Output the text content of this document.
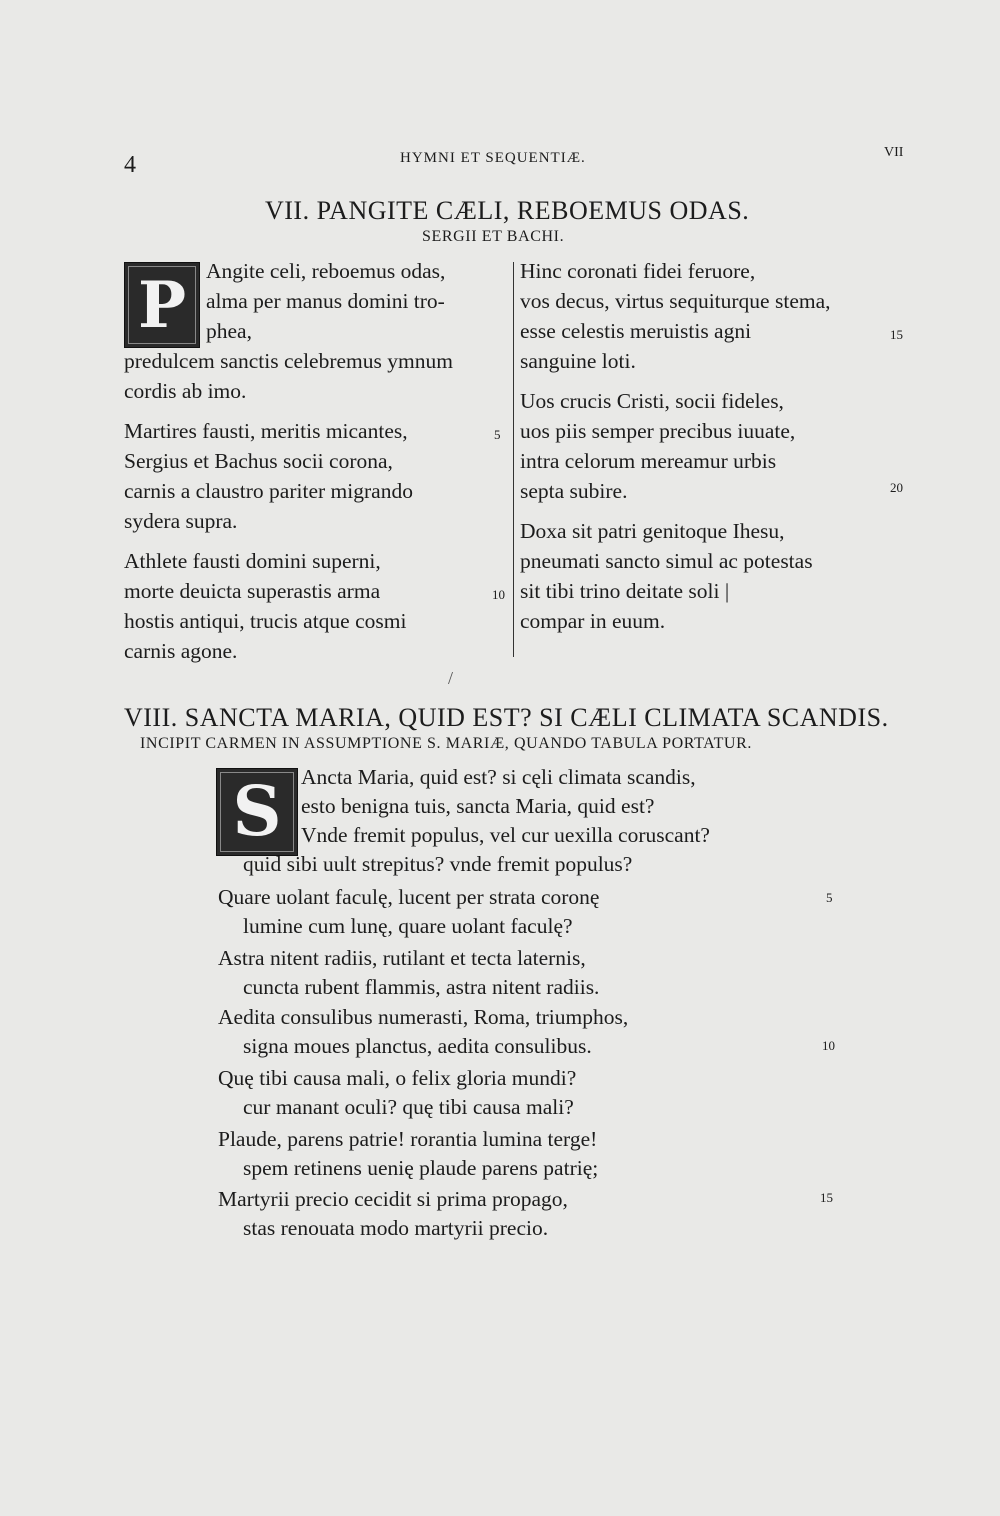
4	HYMNI ET SEQUENTIÆ.	VII
VII. PANGITE CÆLI, REBOEMUS ODAS.
SERGII ET BACHI.
P Angite celi, reboemus odas,
alma per manus domini tro-
phea,
predulcem sanctis celebremus ymnum
cordis ab imo.
Martires fausti, meritis micantes,
Sergius et Bachus socii corona,
carnis a claustro pariter migrando
sydera supra.
Athlete fausti domini superni,
morte deuicta superastis arma
hostis antiqui, trucis atque cosmi
carnis agone.
5
10
Hinc coronati fidei feruore,
vos decus, virtus sequiturque stema,
esse celestis meruistis agni
sanguine loti.
Uos crucis Cristi, socii fideles,
uos piis semper precibus iuuate,
intra celorum mereamur urbis
septa subire.
Doxa sit patri genitoque Ihesu,
pneumati sancto simul ac potestas
sit tibi trino deitate soli |
compar in euum.
15
20
/
VIII. SANCTA MARIA, QUID EST? SI CÆLI CLIMATA SCANDIS.
INCIPIT CARMEN IN ASSUMPTIONE S. MARIÆ, QUANDO TABULA PORTATUR.
S Ancta Maria, quid est? si cęli climata scandis,
esto benigna tuis, sancta Maria, quid est?
Vnde fremit populus, vel cur uexilla coruscant?
quid sibi uult strepitus? vnde fremit populus?
Quare uolant faculę, lucent per strata coronę
lumine cum lunę, quare uolant faculę?
Astra nitent radiis, rutilant et tecta laternis,
cuncta rubent flammis, astra nitent radiis.
Aedita consulibus numerasti, Roma, triumphos,
signa moues planctus, aedita consulibus.
Quę tibi causa mali, o felix gloria mundi?
cur manant oculi? quę tibi causa mali?
Plaude, parens patrie! rorantia lumina terge!
spem retinens uenię plaude parens patrię;
Martyrii precio cecidit si prima propago,
stas renouata modo martyrii precio.
5
10
15
